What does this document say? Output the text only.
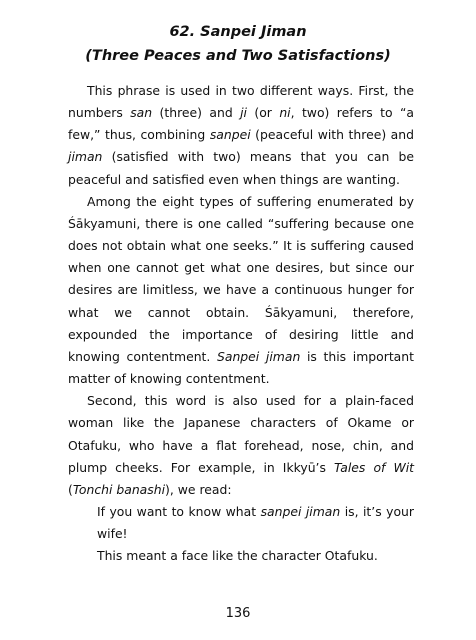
62. Sanpei Jiman
(Three Peaces and Two Satisfactions)

This phrase is used in two different ways. First, the numbers san (three) and ji (or ni, two) refers to “a few,” thus, combining sanpei (peaceful with three) and jiman (satisfied with two) means that you can be peaceful and satisfied even when things are wanting.

Among the eight types of suffering enumerated by Śākyamuni, there is one called “suffering because one does not obtain what one seeks.” It is suffering caused when one cannot get what one desires, but since our desires are limitless, we have a continuous hunger for what we cannot obtain. Śākyamuni, therefore, expounded the importance of desiring little and knowing contentment. Sanpei jiman is this important matter of knowing contentment.

Second, this word is also used for a plain-faced woman like the Japanese characters of Okame or Otafuku, who have a flat forehead, nose, chin, and plump cheeks. For example, in Ikkyū’s Tales of Wit (Tonchi banashi), we read:

If you want to know what sanpei jiman is, it’s your wife!

This meant a face like the character Otafuku.

136
